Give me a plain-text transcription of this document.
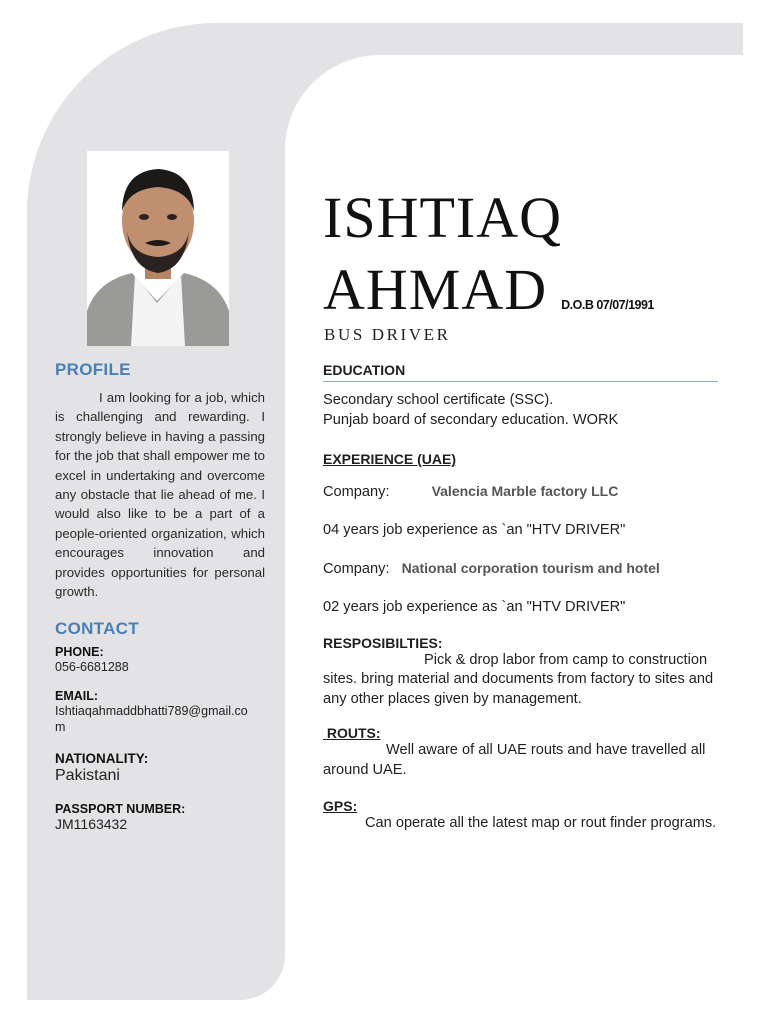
PROFILE

I am looking for a job, which is challenging and rewarding. I strongly believe in having a passing for the job that shall empower me to excel in undertaking and overcome any obstacle that lie ahead of me. I would also like to be a part of a people-oriented organization, which encourages innovation and provides opportunities for personal growth.

CONTACT
PHONE:
056-6681288
EMAIL:
Ishtiaqahmaddbhatti789@gmail.com
NATIONALITY:
Pakistani
PASSPORT NUMBER:
JM1163432
ISHTIAQ
AHMAD D.O.B 07/07/1991
BUS DRIVER
EDUCATION
Secondary school certificate (SSC).
Punjab board of secondary education. WORK
EXPERIENCE (UAE)
Company:	Valencia Marble factory LLC
04 years job experience as `an "HTV DRIVER"
Company: National corporation tourism and hotel
02 years job experience as `an "HTV DRIVER"
RESPOSIBILTIES:
Pick & drop labor from camp to construction sites. bring material and documents from factory to sites and any other places given by management.
ROUTS:
Well aware of all UAE routs and have travelled all around UAE.
GPS:
Can operate all the latest map or rout finder programs.
